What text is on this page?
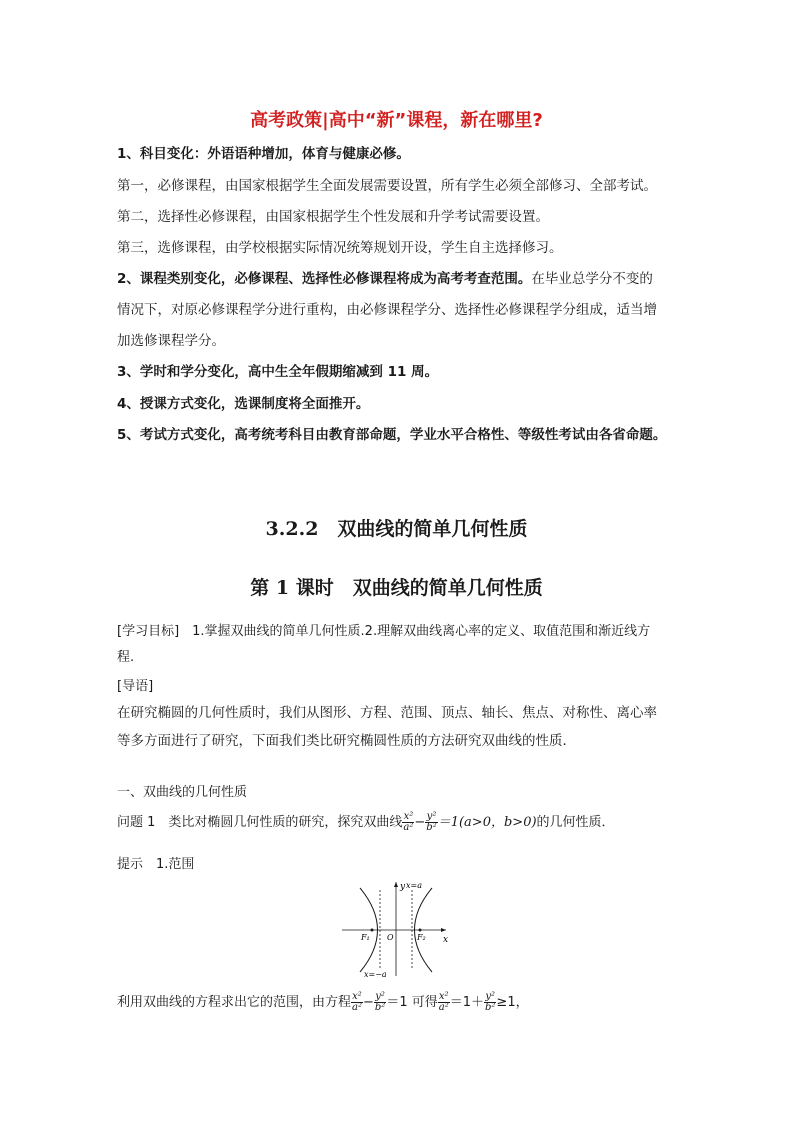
高考政策|高中“新”课程，新在哪里?
1、科目变化：外语语种增加，体育与健康必修。
第一，必修课程，由国家根据学生全面发展需要设置，所有学生必须全部修习、全部考试。
第二，选择性必修课程，由国家根据学生个性发展和升学考试需要设置。
第三，选修课程，由学校根据实际情况统筹规划开设，学生自主选择修习。
2、课程类别变化，必修课程、选择性必修课程将成为高考考查范围。在毕业总学分不变的
情况下，对原必修课程学分进行重构，由必修课程学分、选择性必修课程学分组成，适当增
加选修课程学分。
3、学时和学分变化，高中生全年假期缩减到 11 周。
4、授课方式变化，选课制度将全面推开。
5、考试方式变化，高考统考科目由教育部命题，学业水平合格性、等级性考试由各省命题。
3.2.2　双曲线的简单几何性质
第 1 课时　双曲线的简单几何性质
[学习目标]　1.掌握双曲线的简单几何性质.2.理解双曲线离心率的定义、取值范围和渐近线方
程.
[导语]
在研究椭圆的几何性质时，我们从图形、方程、范围、顶点、轴长、焦点、对称性、离心率
等多方面进行了研究，下面我们类比研究椭圆性质的方法研究双曲线的性质．
一、双曲线的几何性质
问题 1　类比对椭圆几何性质的研究，探究双曲线 $\frac{\text{x²}}{\text{a²}} - \frac{\text{y²}}{\text{b²}} =1(a>0$，b>0)的几何性质．
提示　1.范围
y
x
O
F₁	F₂
x=a
x=−a
利用双曲线的方程求出它的范围，由方程 $\frac{\text{x²}}{\text{a²}} - \frac{\text{y²}}{\text{b²}} =1$ 可得 $\frac{\text{x²}}{\text{a²}} =1+ \frac{\text{y²}}{\text{b²}} \ge 1$，
